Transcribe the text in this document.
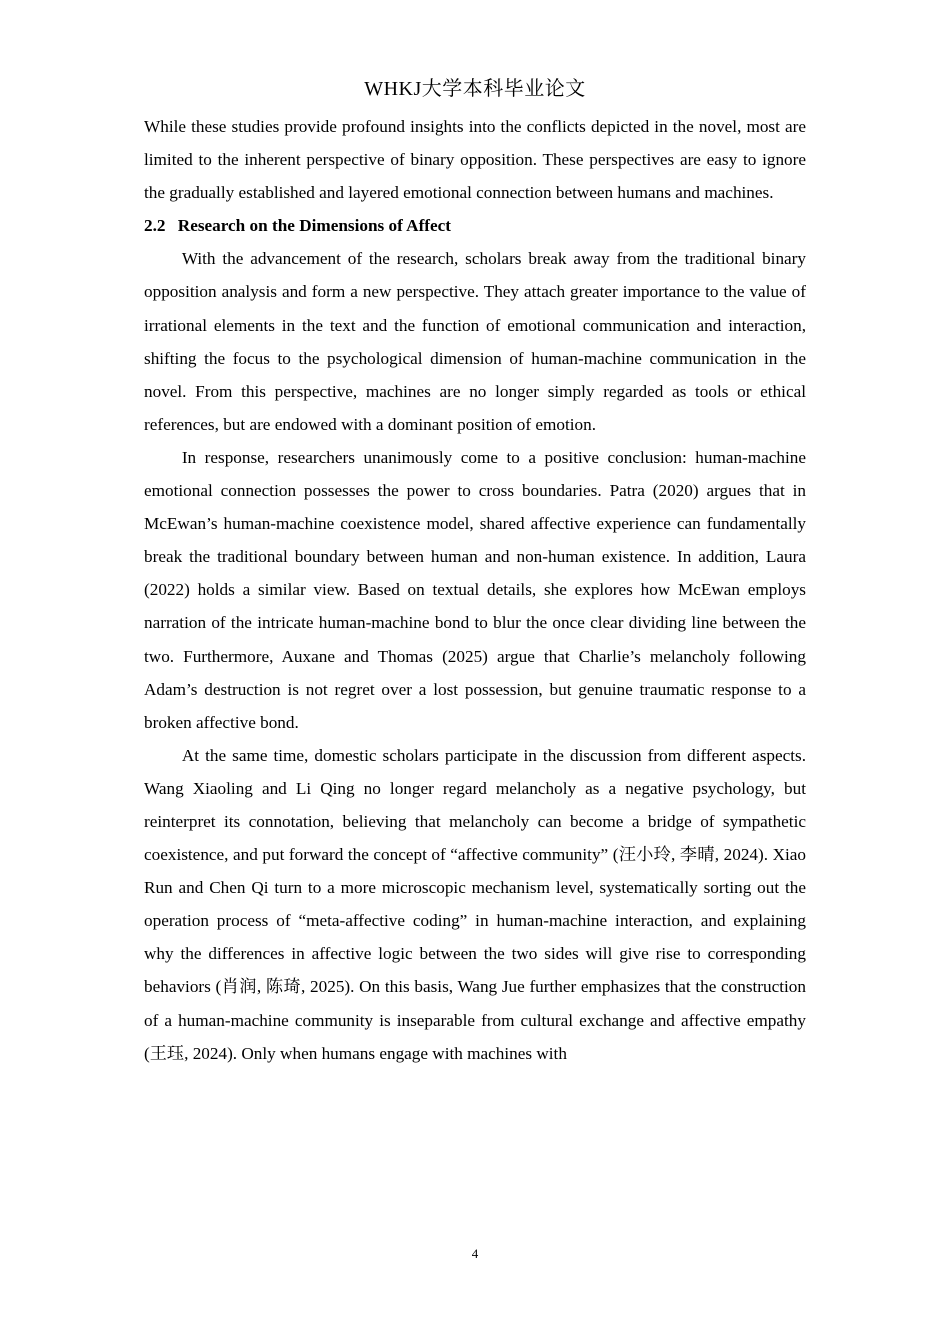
WHKJ大学本科毕业论文

While these studies provide profound insights into the conflicts depicted in the novel, most are limited to the inherent perspective of binary opposition. These perspectives are easy to ignore the gradually established and layered emotional connection between humans and machines.

2.2 Research on the Dimensions of Affect

With the advancement of the research, scholars break away from the traditional binary opposition analysis and form a new perspective. They attach greater importance to the value of irrational elements in the text and the function of emotional communication and interaction, shifting the focus to the psychological dimension of human-machine communication in the novel. From this perspective, machines are no longer simply regarded as tools or ethical references, but are endowed with a dominant position of emotion.

In response, researchers unanimously come to a positive conclusion: human-machine emotional connection possesses the power to cross boundaries. Patra (2020) argues that in McEwan’s human-machine coexistence model, shared affective experience can fundamentally break the traditional boundary between human and non-human existence. In addition, Laura (2022) holds a similar view. Based on textual details, she explores how McEwan employs narration of the intricate human-machine bond to blur the once clear dividing line between the two. Furthermore, Auxane and Thomas (2025) argue that Charlie’s melancholy following Adam’s destruction is not regret over a lost possession, but genuine traumatic response to a broken affective bond.

At the same time, domestic scholars participate in the discussion from different aspects. Wang Xiaoling and Li Qing no longer regard melancholy as a negative psychology, but reinterpret its connotation, believing that melancholy can become a bridge of sympathetic coexistence, and put forward the concept of “affective community” (汪小玲, 李晴, 2024). Xiao Run and Chen Qi turn to a more microscopic mechanism level, systematically sorting out the operation process of “meta-affective coding” in human-machine interaction, and explaining why the differences in affective logic between the two sides will give rise to corresponding behaviors (肖润, 陈琦, 2025). On this basis, Wang Jue further emphasizes that the construction of a human-machine community is inseparable from cultural exchange and affective empathy (王珏, 2024). Only when humans engage with machines with

4
